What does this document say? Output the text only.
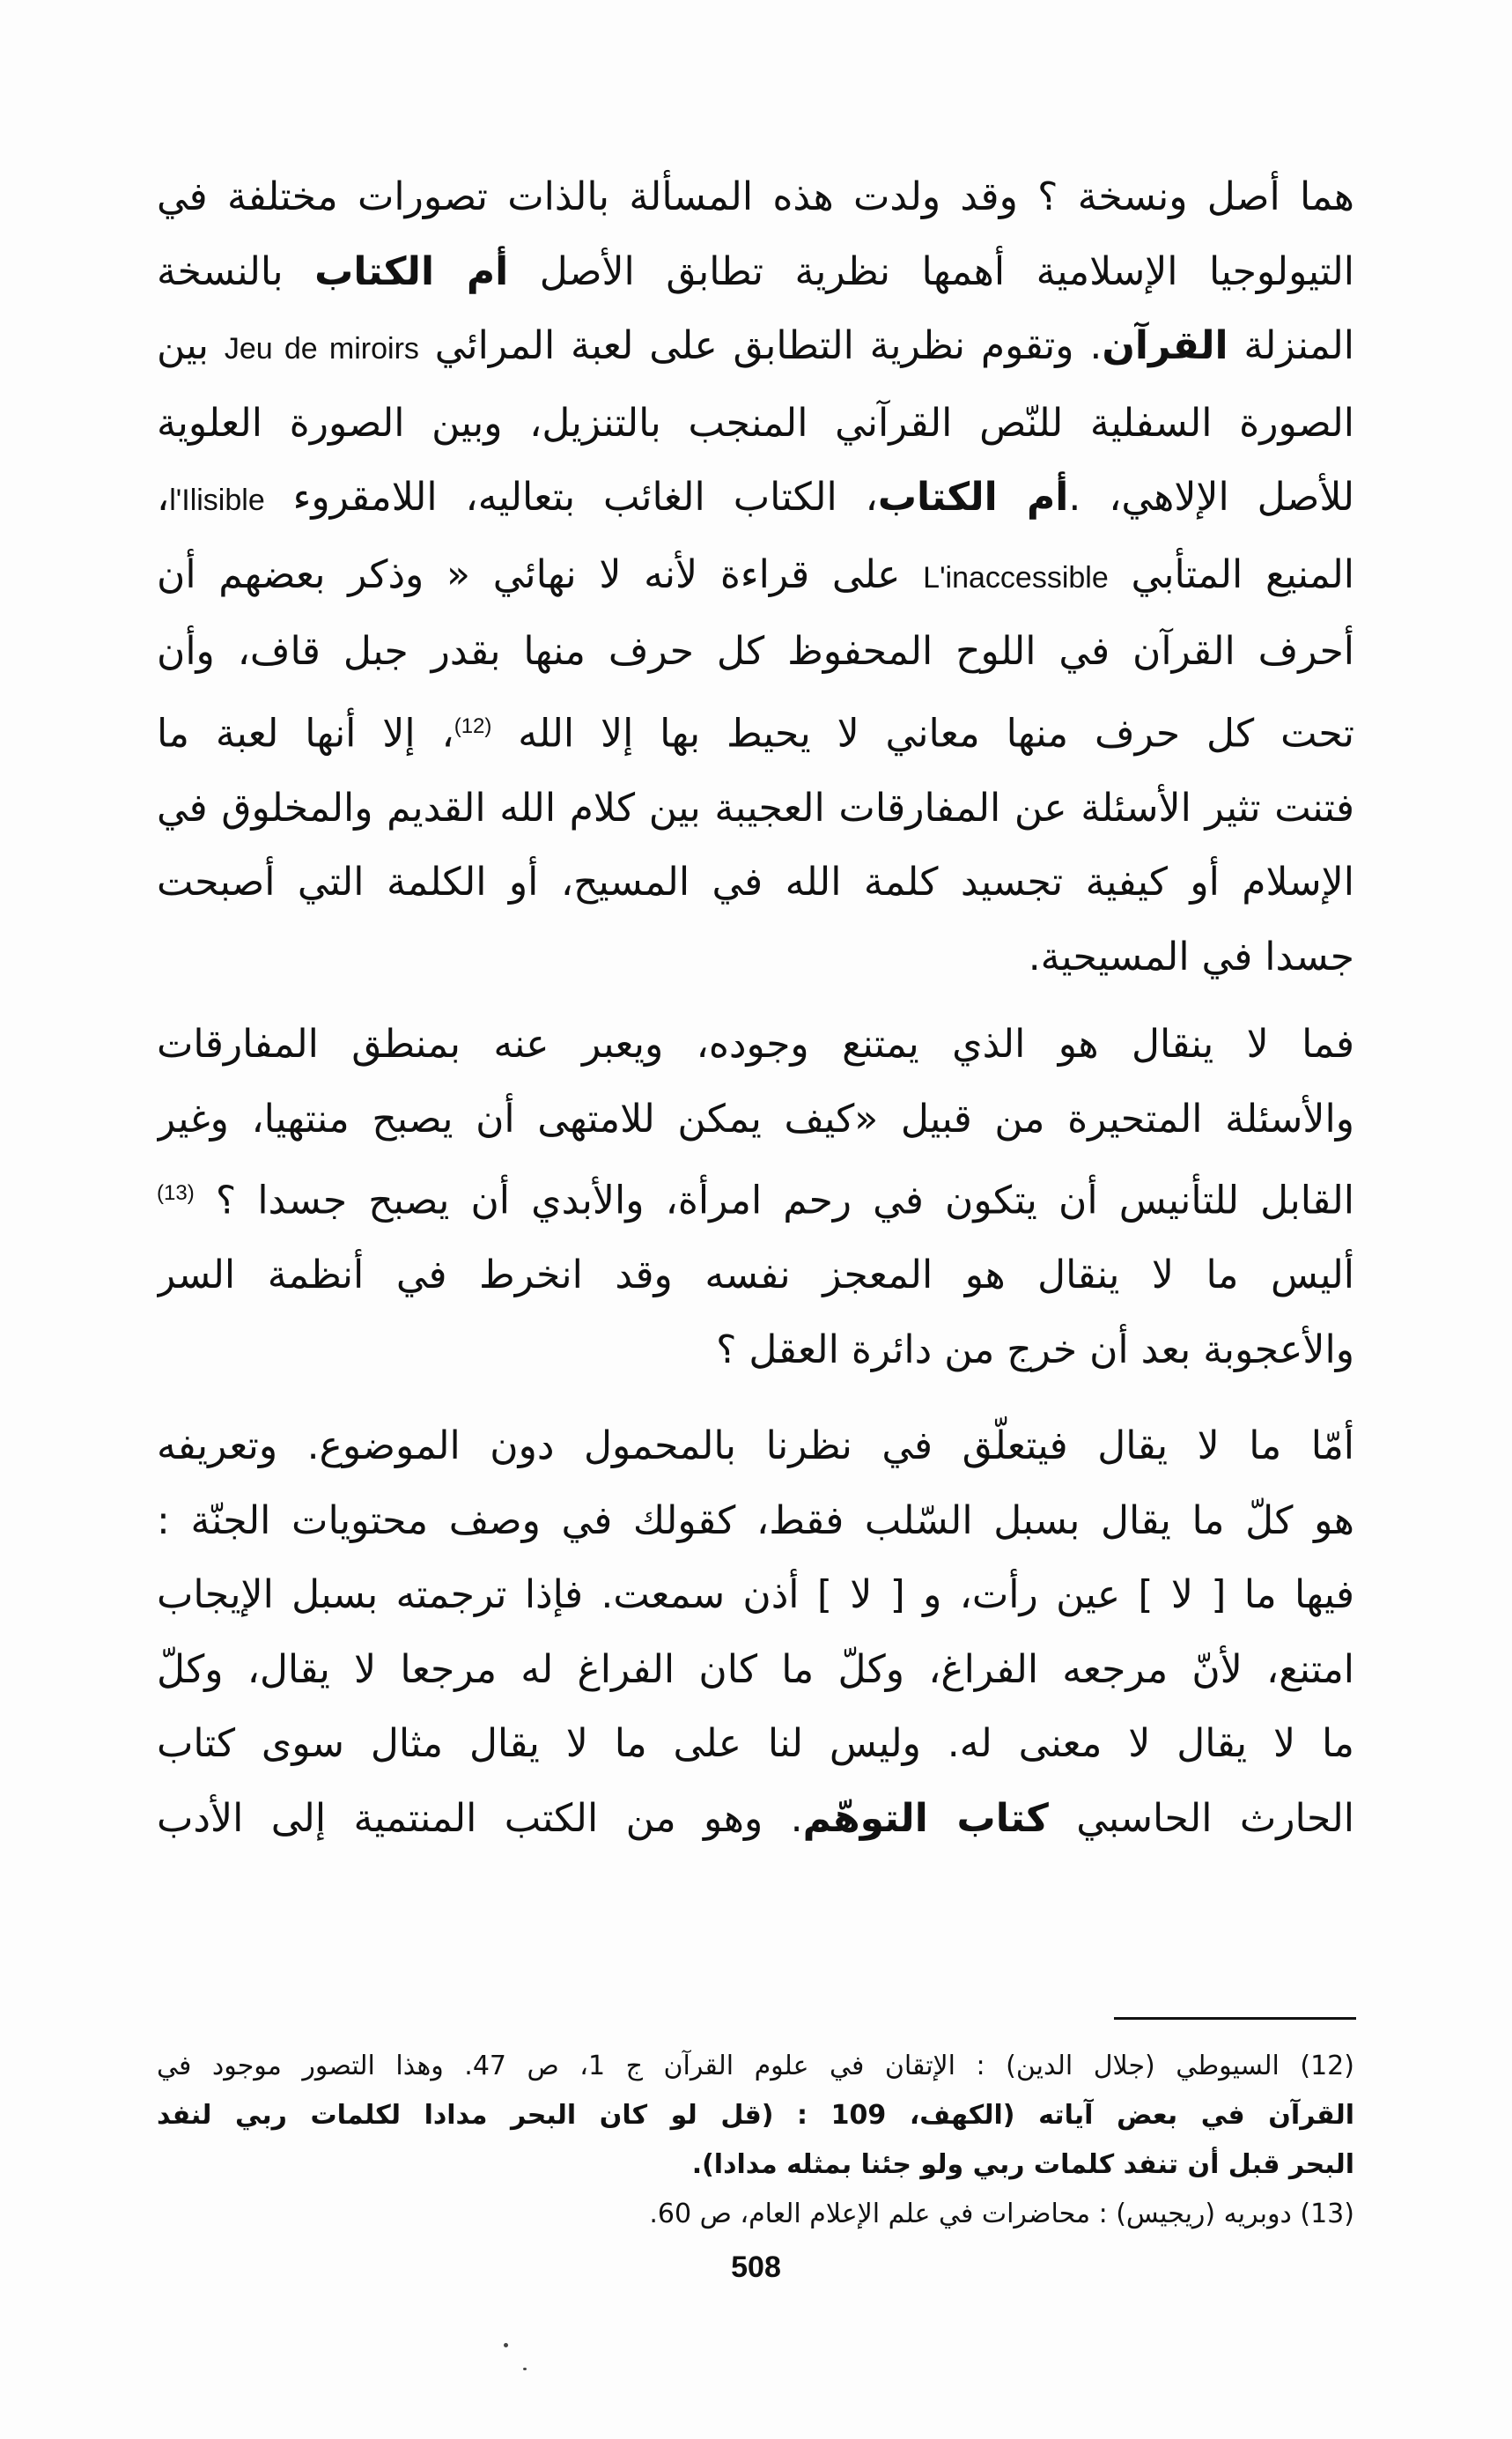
هما أصل ونسخة ؟ وقد ولدت هذه المسألة بالذات تصورات مختلفة في
التيولوجيا الإسلامية أهمها نظرية تطابق الأصل أم الكتاب بالنسخة
المنزلة القرآن. وتقوم نظرية التطابق على لعبة المرائي Jeu de miroirs بين
الصورة السفلية للنّص القرآني المنجب بالتنزيل، وبين الصورة العلوية
للأصل الإلاهي، .أم الكتاب، الكتاب الغائب بتعاليه، اللامقروء l'Ilisible،
المنيع المتأبي L'inaccessible على قراءة لأنه لا نهائي « وذكر بعضهم أن
أحرف القرآن في اللوح المحفوظ كل حرف منها بقدر جبل قاف، وأن
تحت كل حرف منها معاني لا يحيط بها إلا الله $^{(12)}$، إلا أنها لعبة ما
فتنت تثير الأسئلة عن المفارقات العجيبة بين كلام الله القديم والمخلوق في
الإسلام أو كيفية تجسيد كلمة الله في المسيح، أو الكلمة التي أصبحت
جسدا في المسيحية.

فما لا ينقال هو الذي يمتنع وجوده، ويعبر عنه بمنطق المفارقات
والأسئلة المتحيرة من قبيل «كيف يمكن للامتهى أن يصبح منتهيا، وغير
القابل للتأنيس أن يتكون في رحم امرأة، والأبدي أن يصبح جسدا ؟ $^{(13)}$
أليس ما لا ينقال هو المعجز نفسه وقد انخرط في أنظمة السر
والأعجوبة بعد أن خرج من دائرة العقل ؟

أمّا ما لا يقال فيتعلّق في نظرنا بالمحمول دون الموضوع. وتعريفه
هو كلّ ما يقال بسبل السّلب فقط، كقولك في وصف محتويات الجنّة :
فيها ما [ لا ] عين رأت، و [ لا ] أذن سمعت. فإذا ترجمته بسبل الإيجاب
امتنع، لأنّ مرجعه الفراغ، وكلّ ما كان الفراغ له مرجعا لا يقال، وكلّ
ما لا يقال لا معنى له. وليس لنا على ما لا يقال مثال سوى كتاب
الحارث الحاسبي كتاب التوهّم. وهو من الكتب المنتمية إلى الأدب

(12) السيوطي (جلال الدين) : الإتقان في علوم القرآن ج 1، ص 47. وهذا التصور موجود في
القرآن في بعض آياته (الكهف، 109 : (قل لو كان البحر مدادا لكلمات ربي لنفد
البحر قبل أن تنفد كلمات ربي ولو جئنا بمثله مدادا).
(13) دوبريه (ريجيس) : محاضرات في علم الإعلام العام، ص 60.
508
